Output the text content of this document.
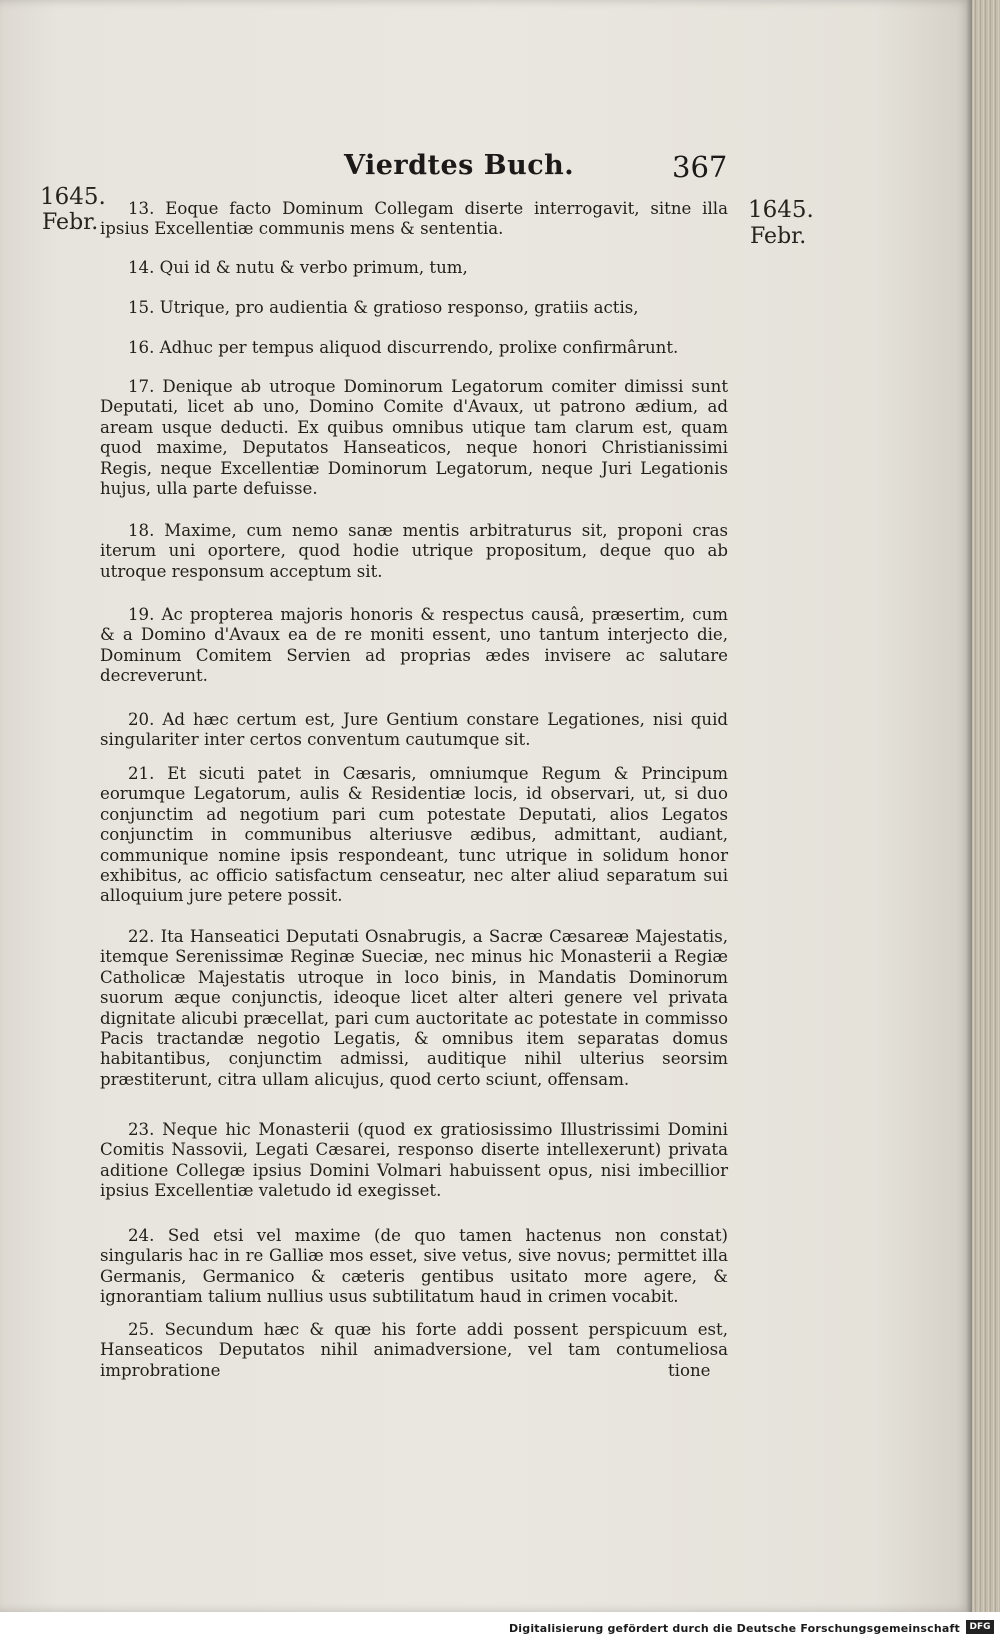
Vierdtes Buch.	367
1645.
Febr.	1645.
Febr.

13. Eoque facto Dominum Collegam diserte interrogavit, sitne illa ipsius Excellentiæ communis mens & sententia.

14. Qui id & nutu & verbo primum, tum,

15. Utrique, pro audientia & gratioso responso, gratiis actis,

16. Adhuc per tempus aliquod discurrendo, prolixe confirmârunt.

17. Denique ab utroque Dominorum Legatorum comiter dimissi sunt Deputati, licet ab uno, Domino Comite d'Avaux, ut patrono ædium, ad aream usque deducti. Ex quibus omnibus utique tam clarum est, quam quod maxime, Deputatos Hanseaticos, neque honori Christianissimi Regis, neque Excellentiæ Dominorum Legatorum, neque Juri Legationis hujus, ulla parte defuisse.

18. Maxime, cum nemo sanæ mentis arbitraturus sit, proponi cras iterum uni oportere, quod hodie utrique propositum, deque quo ab utroque responsum acceptum sit.

19. Ac propterea majoris honoris & respectus causâ, præsertim, cum & a Domino d'Avaux ea de re moniti essent, uno tantum interjecto die, Dominum Comitem Servien ad proprias ædes invisere ac salutare decreverunt.

20. Ad hæc certum est, Jure Gentium constare Legationes, nisi quid singulariter inter certos conventum cautumque sit.

21. Et sicuti patet in Cæsaris, omniumque Regum & Principum eorumque Legatorum, aulis & Residentiæ locis, id observari, ut, si duo conjunctim ad negotium pari cum potestate Deputati, alios Legatos conjunctim in communibus alteriusve ædibus, admittant, audiant, communique nomine ipsis respondeant, tunc utrique in solidum honor exhibitus, ac officio satisfactum censeatur, nec alter aliud separatum sui alloquium jure petere possit.

22. Ita Hanseatici Deputati Osnabrugis, a Sacræ Cæsareæ Majestatis, itemque Serenissimæ Reginæ Sueciæ, nec minus hic Monasterii a Regiæ Catholicæ Majestatis utroque in loco binis, in Mandatis Dominorum suorum æque conjunctis, ideoque licet alter alteri genere vel privata dignitate alicubi præcellat, pari cum auctoritate ac potestate in commisso Pacis tractandæ negotio Legatis, & omnibus item separatas domus habitantibus, conjunctim admissi, auditique nihil ulterius seorsim præstiterunt, citra ullam alicujus, quod certo sciunt, offensam.

23. Neque hic Monasterii (quod ex gratiosissimo Illustrissimi Domini Comitis Nassovii, Legati Cæsarei, responso diserte intellexerunt) privata aditione Collegæ ipsius Domini Volmari habuissent opus, nisi imbecillior ipsius Excellentiæ valetudo id exegisset.

24. Sed etsi vel maxime (de quo tamen hactenus non constat) singularis hac in re Galliæ mos esset, sive vetus, sive novus; permittet illa Germanis, Germanico & cæteris gentibus usitato more agere, & ignorantiam talium nullius usus subtilitatum haud in crimen vocabit.

25. Secundum hæc & quæ his forte addi possent perspicuum est, Hanseaticos Deputatos nihil animadversione, vel tam contumeliosa improbratione	tione
Digitalisierung gefördert durch die Deutsche Forschungsgemeinschaft	DFG
